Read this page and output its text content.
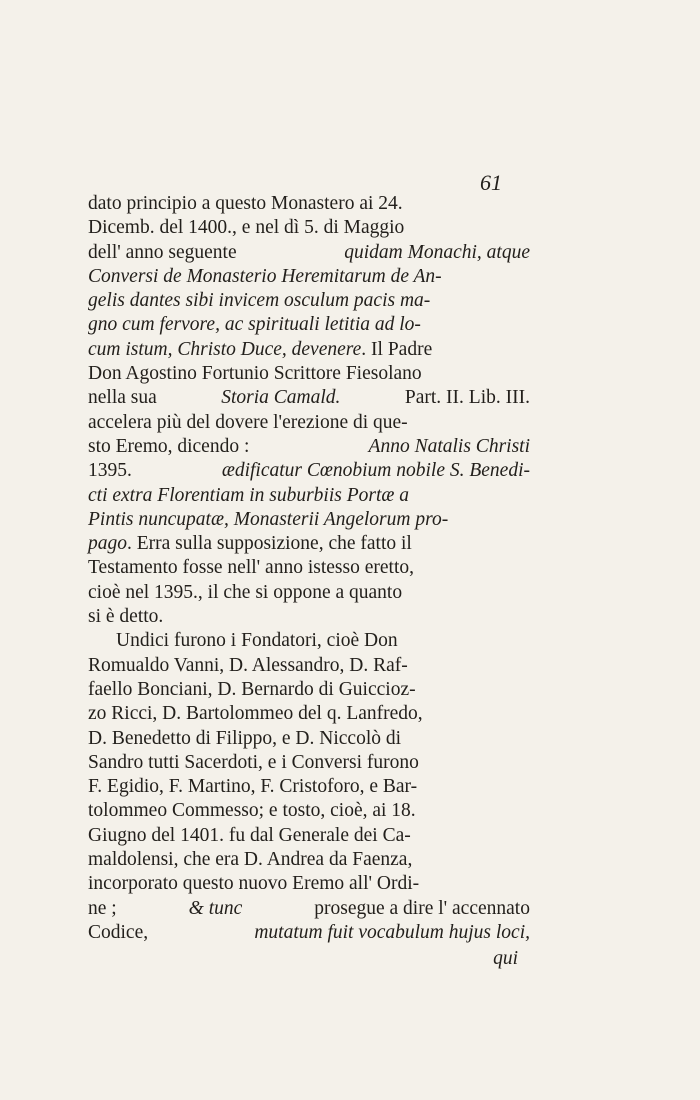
61
dato principio a questo Monastero ai 24.
Dicemb. del 1400., e nel dì 5. di Maggio
dell' anno seguente	quidam Monachi, atque
Conversi de Monasterio Heremitarum de An-
gelis dantes sibi invicem osculum pacis ma-
gno cum fervore, ac spirituali letitia ad lo-
cum istum, Christo Duce, devenere. Il Padre
Don Agostino Fortunio Scrittore Fiesolano
nella sua	Storia Camald.	Part. II. Lib. III.
accelera più del dovere l'erezione di que-
sto Eremo, dicendo :	Anno Natalis Christi
1395.	ædificatur Cœnobium nobile S. Benedi-
cti extra Florentiam in suburbiis Portæ a
Pintis nuncupatæ, Monasterii Angelorum pro-
pago. Erra sulla supposizione, che fatto il
Testamento fosse nell' anno istesso eretto,
cioè nel 1395., il che si oppone a quanto
si è detto.
Undici furono i Fondatori, cioè Don
Romualdo Vanni, D. Alessandro, D. Raf-
faello Bonciani, D. Bernardo di Guiccioz-
zo Ricci, D. Bartolommeo del q. Lanfredo,
D. Benedetto di Filippo, e D. Niccolò di
Sandro tutti Sacerdoti, e i Conversi furono
F. Egidio, F. Martino, F. Cristoforo, e Bar-
tolommeo Commesso; e tosto, cioè, ai 18.
Giugno del 1401. fu dal Generale dei Ca-
maldolensi, che era D. Andrea da Faenza,
incorporato questo nuovo Eremo all' Ordi-
ne ;	& tunc	prosegue a dire l' accennato
Codice,	mutatum fuit vocabulum hujus loci,
qui
